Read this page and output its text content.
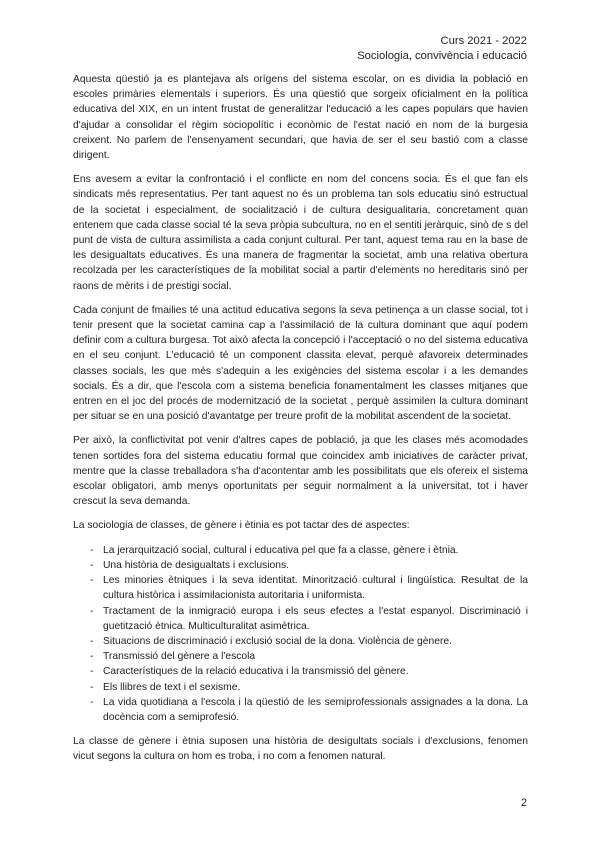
Curs 2021 - 2022
Sociologia, convivència i educació

Aquesta qüestió ja es plantejava als orígens del sistema escolar, on es dividia la població en escoles primàries elementals i superiors. És una qüestió que sorgeix oficialment en la política educativa del XIX, en un intent frustat de generalitzar l'educació a les capes populars que havien d'ajudar a consolidar el règim sociopolític i econòmic de l'estat nació en nom de la burgesia creixent. No parlem de l'ensenyament secundari, que havia de ser el seu bastió com a classe dirigent.

Ens avesem a evitar la confrontació i el conflicte en nom del concens socia. És el que fan els sindicats més representatius. Per tant aquest no és un problema tan sols educatiu sinó estructual de la societat i especialment, de socialització i de cultura desigualitaria, concretament quan entenem que cada classe social té la seva pròpia subcultura, no en el sentiti jeràrquic, sinò de s del punt de vista de cultura assimilista a cada conjunt cultural. Per tant, aquest tema rau en la base de les desigualtats educatives. És una manera de fragmentar la societat, amb una relativa obertura recolzada per les característiques de la mobilitat social a partir d'elements no hereditaris sinó per raons de mèrits i de prestigi social.

Cada conjunt de fmailies té una actitud educativa segons la seva petinença a un classe social, tot i tenir present que la societat camina cap a l'assimilació de la cultura dominant que aquí podem definir com a cultura burgesa. Tot això afecta la concepció i l'acceptació o no del sistema educativa en el seu conjunt. L'educació té un component classita elevat, perquè afavoreix determinades classes socials, les que més s'adequin a les exigències del sistema escolar i a les demandes socials. És a dir, que l'escola com a sistema beneficia fonamentalment les classes mitjanes que entren en el joc del procés de modernització de la societat , perquè assimilen la cultura dominant per situar se en una posició d'avantatge per treure profit de la mobilitat ascendent de la societat.

Per això, la conflictivitat pot venir d'altres capes de població, ja que les clases més acomodades tenen sortides fora del sistema educatiu formal que coincidex amb iniciatives de caràcter privat, mentre que la classe treballadora s'ha d'acontentar amb les possibilitats que els ofereix el sistema escolar obligatori, amb menys oportunitats per seguir normalment a la universitat, tot i haver crescut la seva demanda.

La sociologia de classes, de gènere i ètinia es pot tactar des de aspectes:

- La jerarquització social, cultural i educativa pel que fa a classe, gènere i ètnia.
- Una història de desigualtats i exclusions.
- Les minories ètniques i la seva identitat. Minorització cultural i lingüística. Resultat de la cultura històrica i assimilacionista autoritaria i uniformista.
- Tractament de la inmigració europa i els seus efectes a l'estat espanyol. Discriminació i guetització ètnica. Multiculturalitat asimètrica.
- Situacions de discriminació i exclusió social de la dona. Violència de gènere.
- Transmissió del gènere a l'escola
- Característiques de la relació educativa i la transmissió del gènere.
- Els llibres de text i el sexisme.
- La vida quotidiana a l'escola i la qüestió de les semiprofessionals assignades a la dona. La docència com a semiprofesió.

La classe de gènere i ètnia suposen una història de desigultats socials i d'exclusions, fenomen vicut segons la cultura on hom es troba, i no com a fenomen natural.

2
